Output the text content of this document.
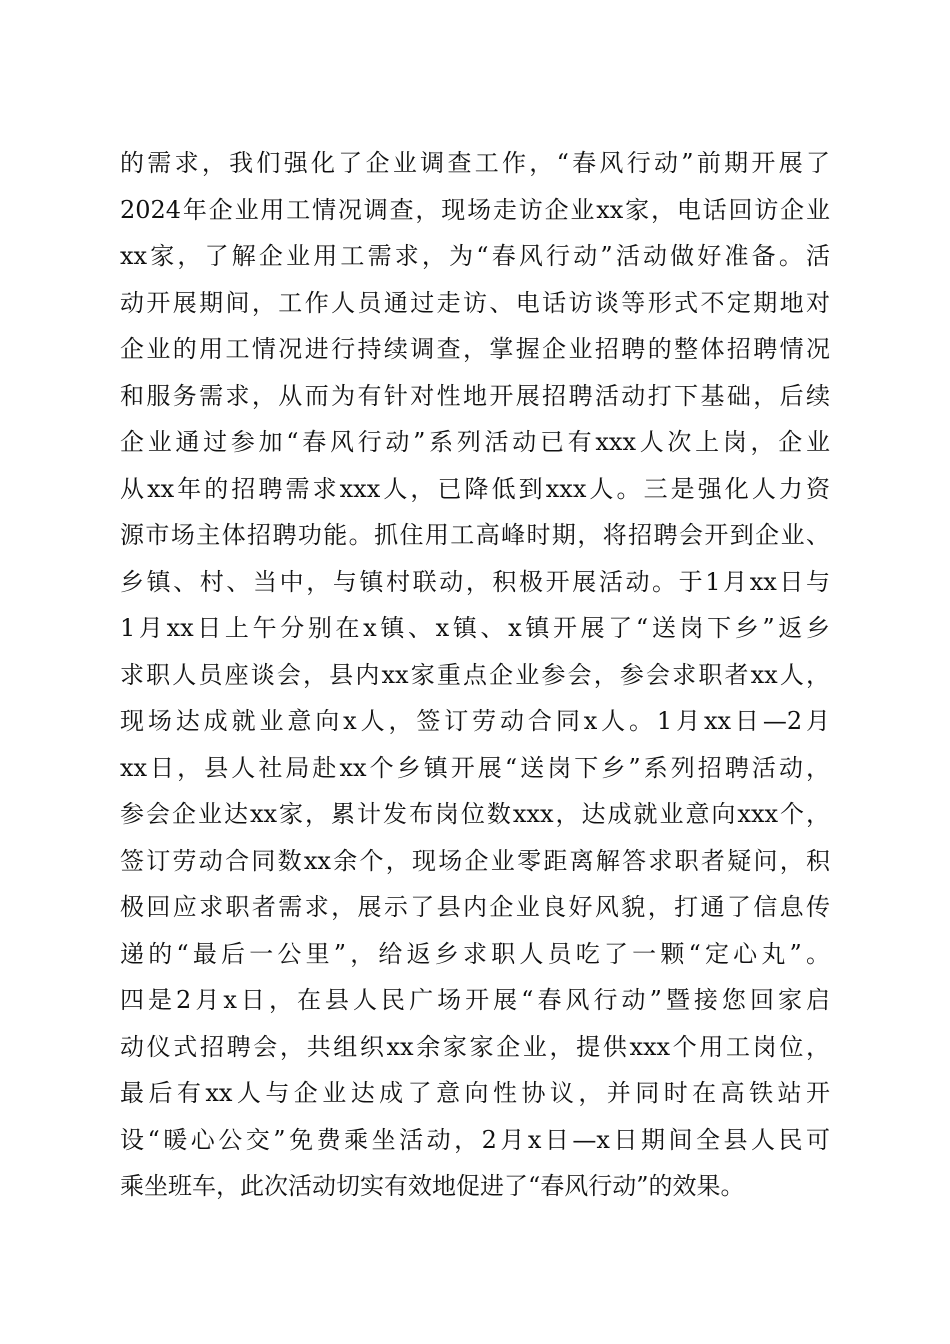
的需求，我们强化了企业调查工作，“春风行动”前期开展了
2024年企业用工情况调查，现场走访企业xx家，电话回访企业
xx家，了解企业用工需求，为“春风行动”活动做好准备。活
动开展期间，工作人员通过走访、电话访谈等形式不定期地对
企业的用工情况进行持续调查，掌握企业招聘的整体招聘情况
和服务需求，从而为有针对性地开展招聘活动打下基础，后续
企业通过参加“春风行动”系列活动已有xxx人次上岗，企业
从xx年的招聘需求xxx人，已降低到xxx人。三是强化人力资
源市场主体招聘功能。抓住用工高峰时期，将招聘会开到企业、
乡镇、村、当中，与镇村联动，积极开展活动。于1月xx日与
1月xx日上午分别在x镇、x镇、x镇开展了“送岗下乡”返乡
求职人员座谈会，县内xx家重点企业参会，参会求职者xx人，
现场达成就业意向x人，签订劳动合同x人。1月xx日—2月
xx日，县人社局赴xx个乡镇开展“送岗下乡”系列招聘活动，
参会企业达xx家，累计发布岗位数xxx，达成就业意向xxx个，
签订劳动合同数xx余个，现场企业零距离解答求职者疑问，积
极回应求职者需求，展示了县内企业良好风貌，打通了信息传
递的“最后一公里”，给返乡求职人员吃了一颗“定心丸”。
四是2月x日，在县人民广场开展“春风行动”暨接您回家启
动仪式招聘会，共组织xx余家家企业，提供xxx个用工岗位，
最后有xx人与企业达成了意向性协议，并同时在高铁站开
设“暖心公交”免费乘坐活动，2月x日—x日期间全县人民可
乘坐班车，此次活动切实有效地促进了“春风行动”的效果。
